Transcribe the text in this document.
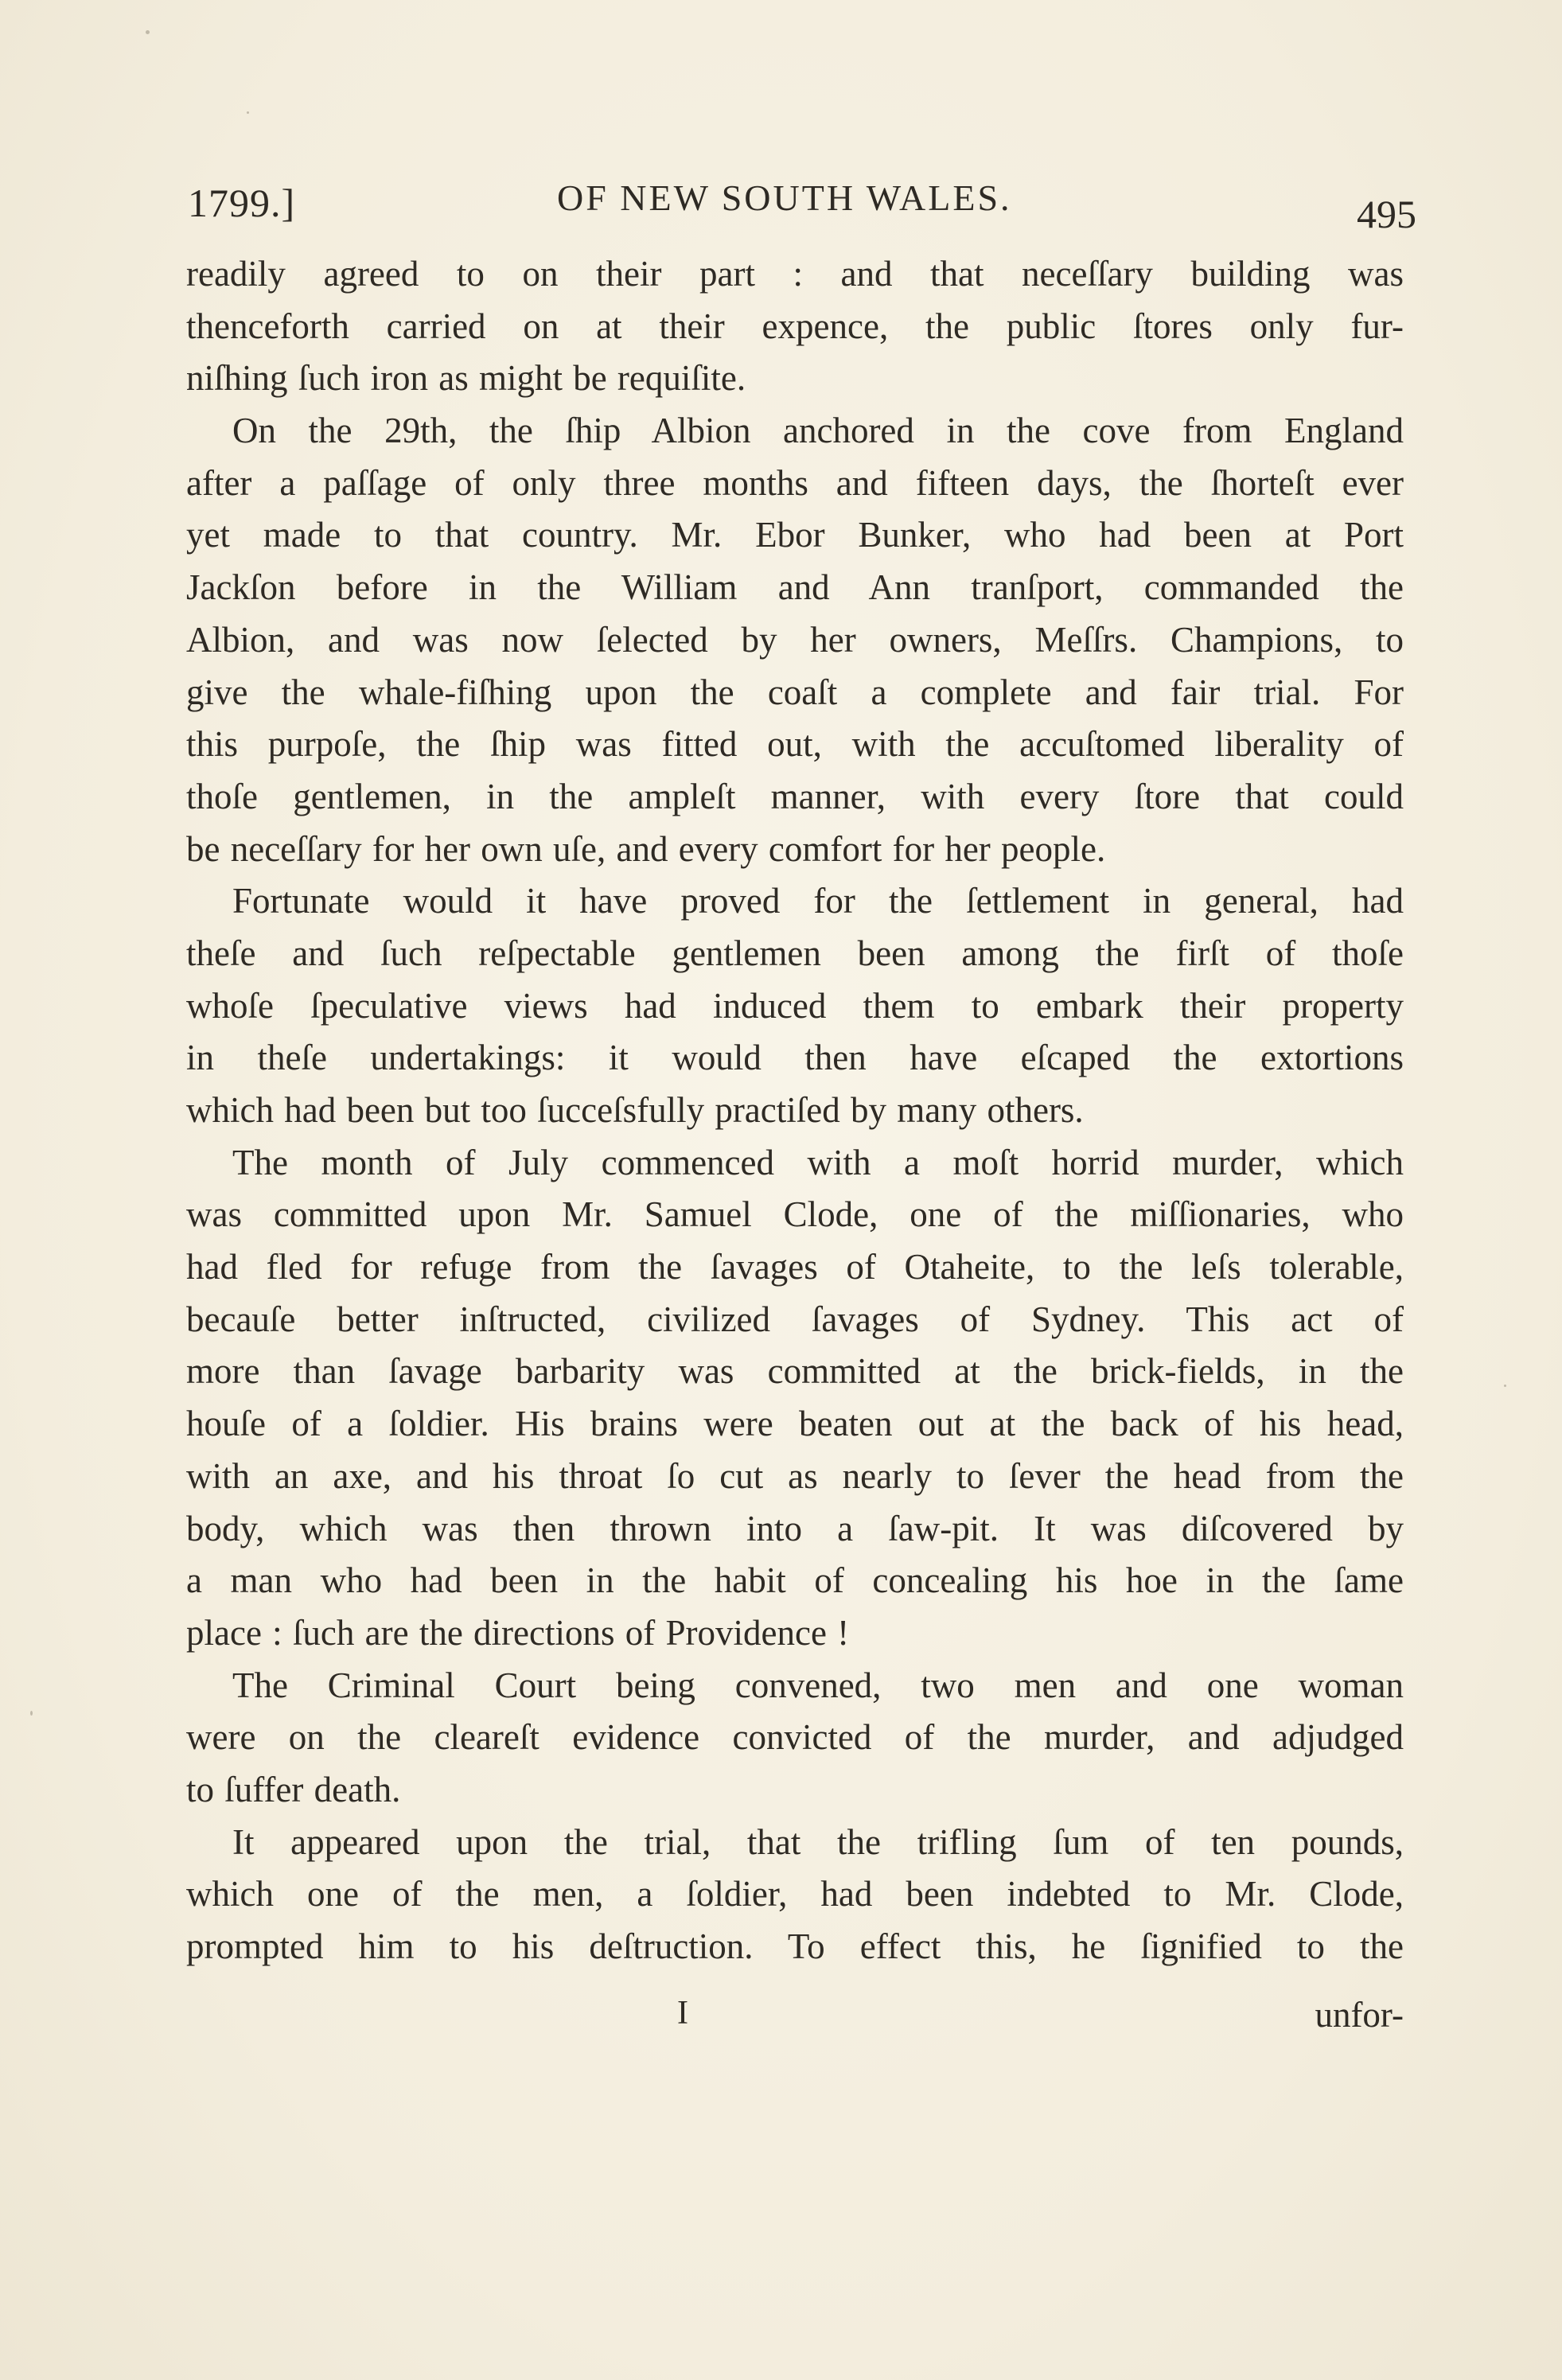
1799.]	OF NEW SOUTH WALES.	495
readily agreed to on their part : and that neceſſary building was
thenceforth carried on at their expence, the public ſtores only fur-
niſhing ſuch iron as might be requiſite.
On the 29th, the ſhip Albion anchored in the cove from England
after a paſſage of only three months and fifteen days, the ſhorteſt ever
yet made to that country. Mr. Ebor Bunker, who had been at Port
Jackſon before in the William and Ann tranſport, commanded the
Albion, and was now ſelected by her owners, Meſſrs. Champions, to
give the whale-fiſhing upon the coaſt a complete and fair trial. For
this purpoſe, the ſhip was fitted out, with the accuſtomed liberality of
thoſe gentlemen, in the ampleſt manner, with every ſtore that could
be neceſſary for her own uſe, and every comfort for her people.
Fortunate would it have proved for the ſettlement in general, had
theſe and ſuch reſpectable gentlemen been among the firſt of thoſe
whoſe ſpeculative views had induced them to embark their property
in theſe undertakings: it would then have eſcaped the extortions
which had been but too ſucceſsfully practiſed by many others.
The month of July commenced with a moſt horrid murder, which
was committed upon Mr. Samuel Clode, one of the miſſionaries, who
had fled for refuge from the ſavages of Otaheite, to the leſs tolerable,
becauſe better inſtructed, civilized ſavages of Sydney. This act of
more than ſavage barbarity was committed at the brick-fields, in the
houſe of a ſoldier. His brains were beaten out at the back of his head,
with an axe, and his throat ſo cut as nearly to ſever the head from the
body, which was then thrown into a ſaw-pit. It was diſcovered by
a man who had been in the habit of concealing his hoe in the ſame
place : ſuch are the directions of Providence !
The Criminal Court being convened, two men and one woman
were on the cleareſt evidence convicted of the murder, and adjudged
to ſuffer death.
It appeared upon the trial, that the trifling ſum of ten pounds,
which one of the men, a ſoldier, had been indebted to Mr. Clode,
prompted him to his deſtruction. To effect this, he ſignified to the
I	unfor-
